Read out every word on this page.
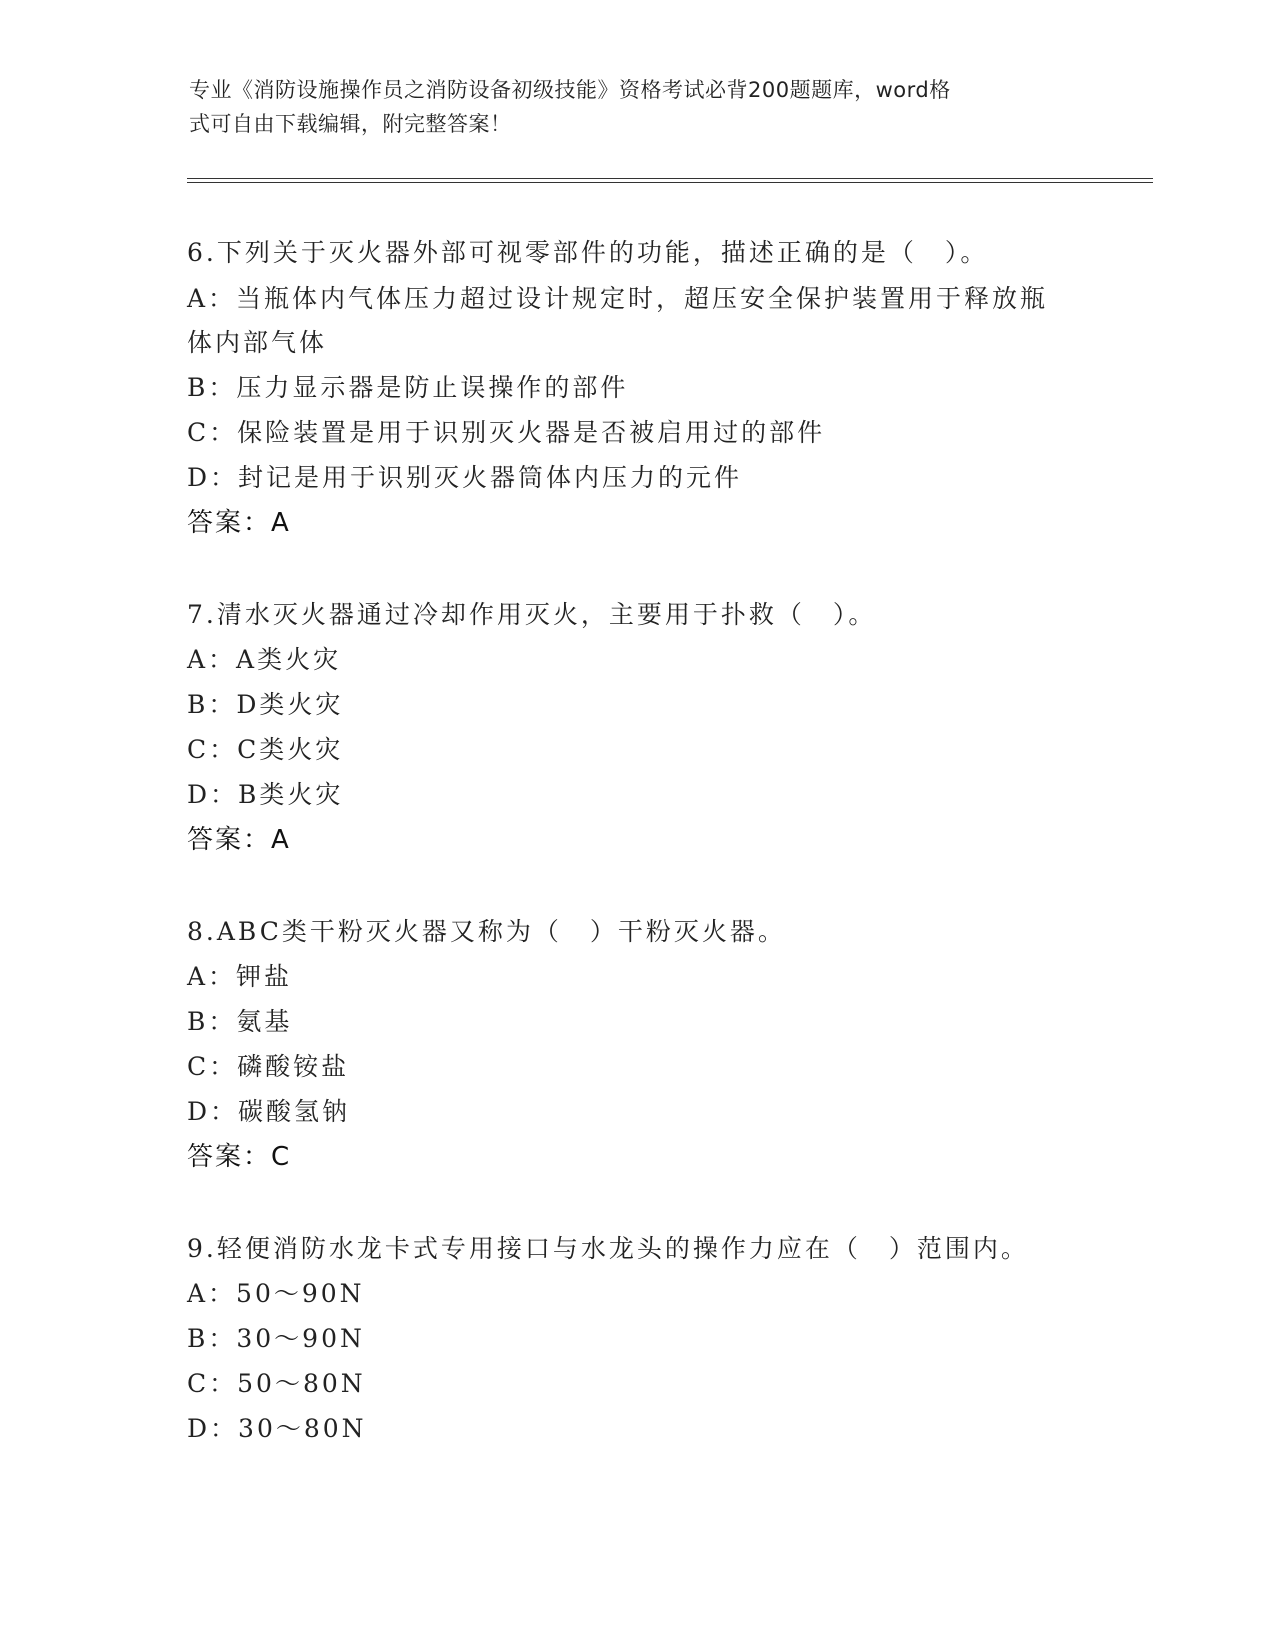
专业《消防设施操作员之消防设备初级技能》资格考试必背200题题库，word格
式可自由下载编辑，附完整答案！
6.下列关于灭火器外部可视零部件的功能，描述正确的是（　）。
A：当瓶体内气体压力超过设计规定时，超压安全保护装置用于释放瓶
体内部气体
B：压力显示器是防止误操作的部件
C：保险装置是用于识别灭火器是否被启用过的部件
D：封记是用于识别灭火器筒体内压力的元件
答案：A
7.清水灭火器通过冷却作用灭火，主要用于扑救（　）。
A：A类火灾
B：D类火灾
C：C类火灾
D：B类火灾
答案：A
8.ABC类干粉灭火器又称为（　）干粉灭火器。
A：钾盐
B：氨基
C：磷酸铵盐
D：碳酸氢钠
答案：C
9.轻便消防水龙卡式专用接口与水龙头的操作力应在（　）范围内。
A：50～90N
B：30～90N
C：50～80N
D：30～80N
